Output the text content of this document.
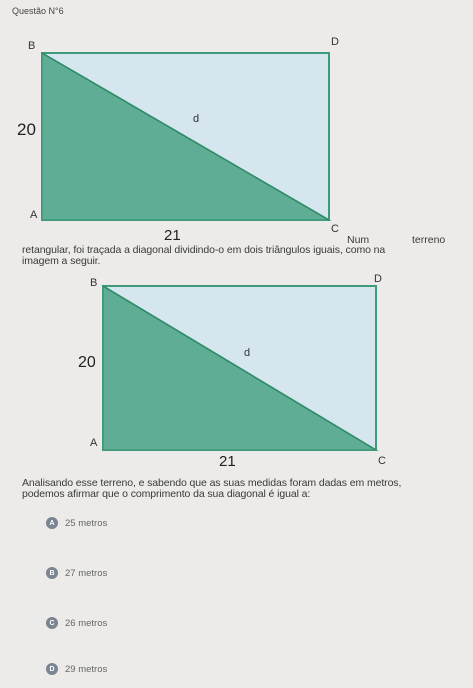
Questão N°6
B	D
A
C
20
21
d
Num	terreno
retangular, foi traçada a diagonal dividindo-o em dois triângulos iguais, como na
imagem a seguir.
B	D
A
C
20
21
d
Analisando esse terreno, e sabendo que as suas medidas foram dadas em metros,
podemos afirmar que o comprimento da sua diagonal é igual a:
A	25 metros
B	27 metros
C	26 metros
D	29 metros
